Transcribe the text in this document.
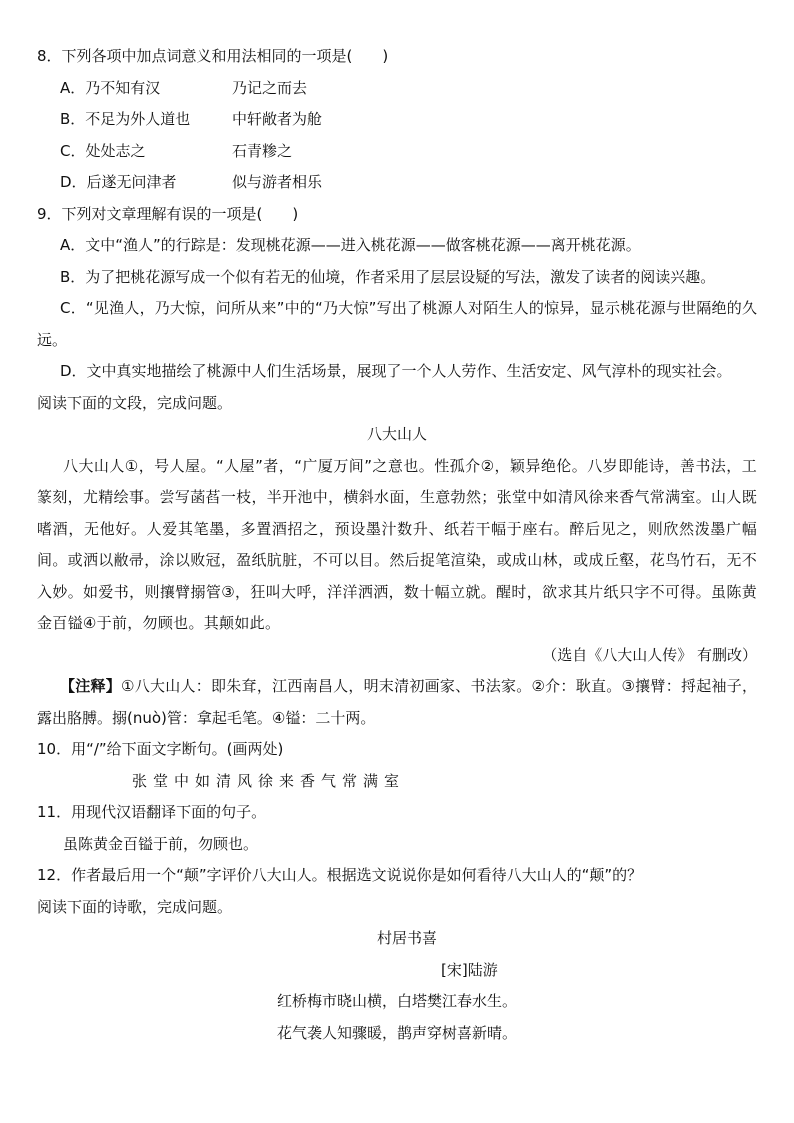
8．下列各项中加点词意义和用法相同的一项是(　　)
A．乃不知有汉	乃记之而去
B．不足为外人道也	中轩敞者为舱
C．处处志之	石青糁之
D．后遂无问津者	似与游者相乐
9．下列对文章理解有误的一项是(　　)
A．文中“渔人”的行踪是：发现桃花源——进入桃花源——做客桃花源——离开桃花源。
B．为了把桃花源写成一个似有若无的仙境，作者采用了层层设疑的写法，激发了读者的阅读兴趣。
C．“见渔人，乃大惊，问所从来”中的“乃大惊”写出了桃源人对陌生人的惊异，显示桃花源与世隔绝的久远。
D．文中真实地描绘了桃源中人们生活场景，展现了一个人人劳作、生活安定、风气淳朴的现实社会。
阅读下面的文段，完成问题。
八大山人
八大山人①，号人屋。“人屋”者，“广厦万间”之意也。性孤介②，颖异绝伦。八岁即能诗，善书法，工篆刻，尤精绘事。尝写菡萏一枝，半开池中，横斜水面，生意勃然；张堂中如清风徐来香气常满室。山人既嗜酒，无他好。人爱其笔墨，多置酒招之，预设墨汁数升、纸若干幅于座右。醉后见之，则欣然泼墨广幅间。或洒以敝帚，涂以败冠，盈纸肮脏，不可以目。然后捉笔渲染，或成山林，或成丘壑，花鸟竹石，无不入妙。如爱书，则攘臂搦管③，狂叫大呼，洋洋洒洒，数十幅立就。醒时，欲求其片纸只字不可得。虽陈黄金百镒④于前，勿顾也。其颠如此。
（选自《八大山人传》 有删改）
【注释】①八大山人：即朱耷，江西南昌人，明末清初画家、书法家。②介：耿直。③攘臂：捋起袖子，露出胳膊。搦(nuò)管：拿起毛笔。④镒：二十两。
10．用“/”给下面文字断句。(画两处)
张堂中如清风徐来香气常满室
11．用现代汉语翻译下面的句子。
虽陈黄金百镒于前，勿顾也。
12．作者最后用一个“颠”字评价八大山人。根据选文说说你是如何看待八大山人的“颠”的？
阅读下面的诗歌，完成问题。
村居书喜
[宋]陆游
红桥梅市晓山横，白塔樊江春水生。
花气袭人知骤暖，鹊声穿树喜新晴。
